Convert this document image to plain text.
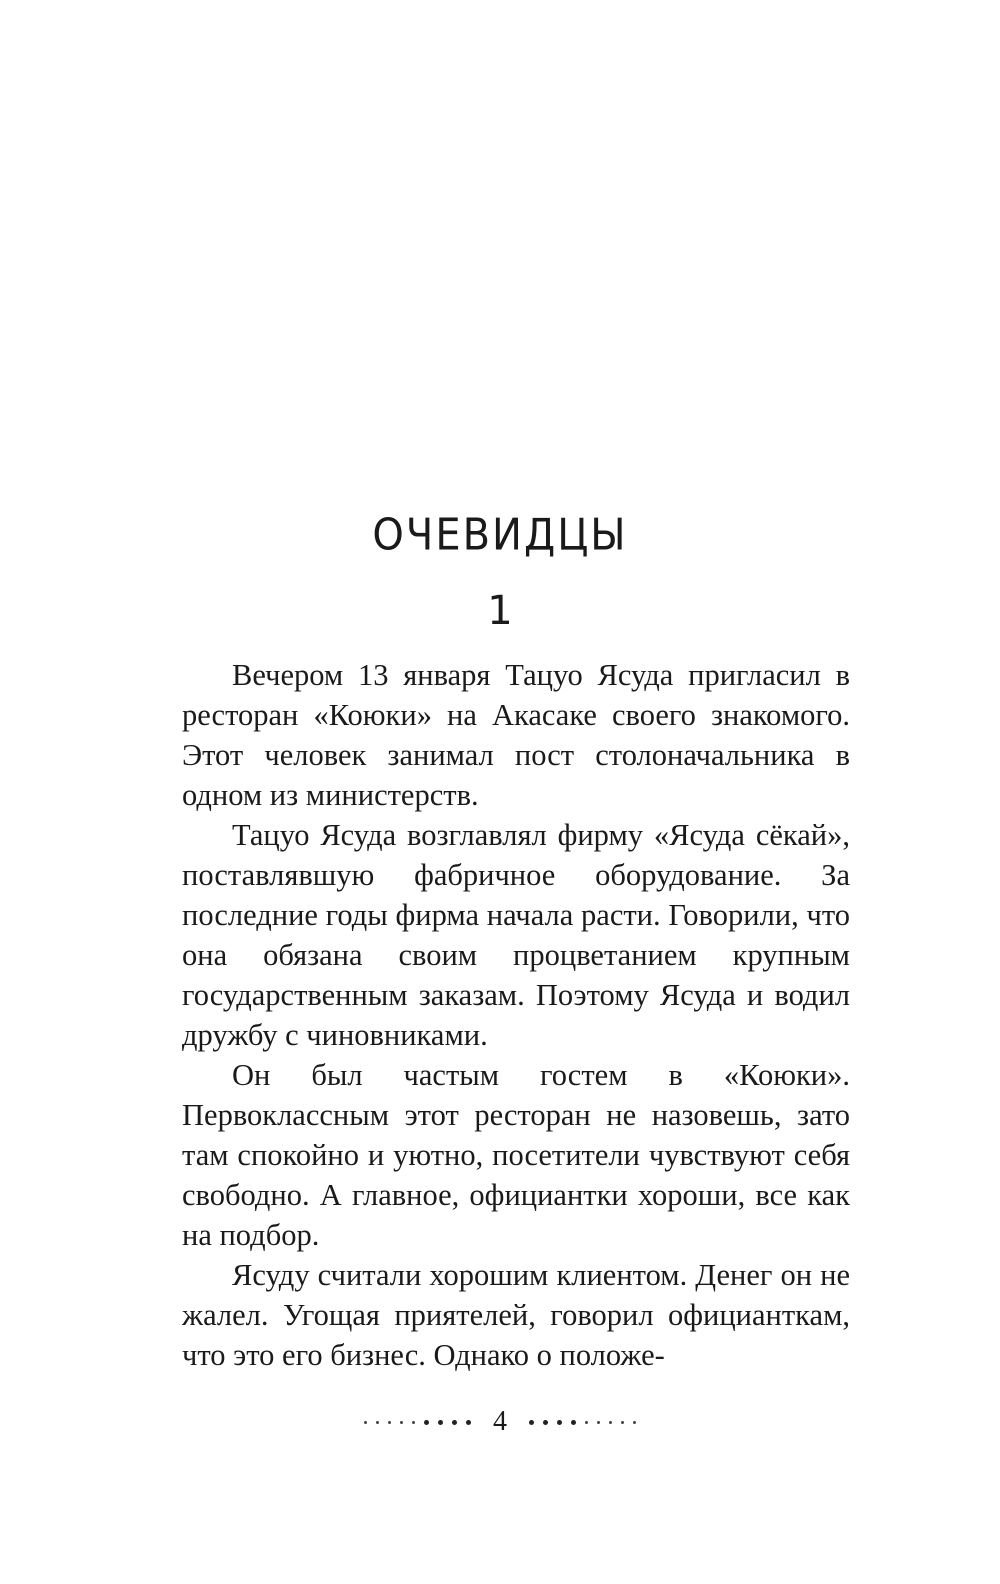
ОЧЕВИДЦЫ
1

Вечером 13 января Тацуо Ясуда пригласил в ресторан «Коюки» на Акасаке своего знакомого. Этот человек занимал пост столоначальника в одном из министерств.

Тацуо Ясуда возглавлял фирму «Ясуда сёкай», поставлявшую фабричное оборудование. За последние годы фирма начала расти. Говорили, что она обязана своим процветанием крупным государственным заказам. Поэтому Ясуда и водил дружбу с чиновниками.

Он был частым гостем в «Коюки». Первоклассным этот ресторан не назовешь, зато там спокойно и уютно, посетители чувствуют себя свободно. А главное, официантки хороши, все как на подбор.

Ясуду считали хорошим клиентом. Денег он не жалел. Угощая приятелей, говорил официанткам, что это его бизнес. Однако о положе-

4
